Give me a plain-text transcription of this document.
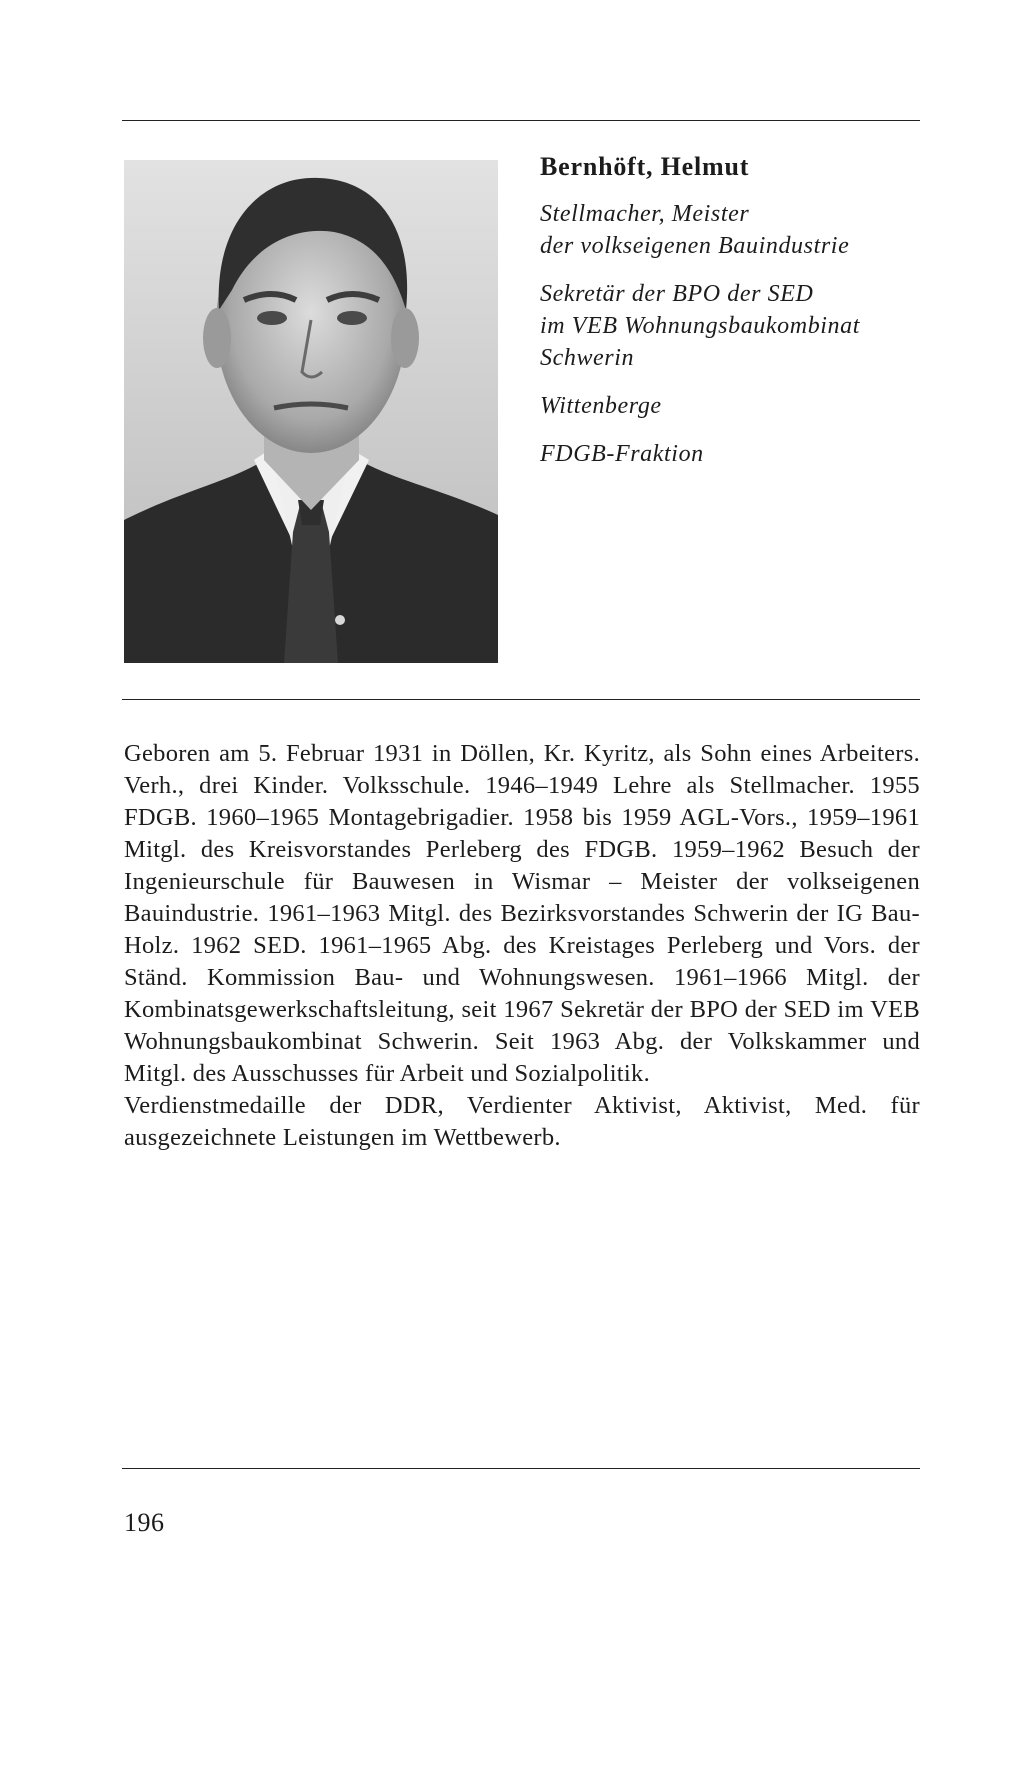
Bernhöft, Helmut

Stellmacher, Meister

der volkseigenen Bauindustrie

Sekretär der BPO der SED

im VEB Wohnungsbaukombinat

Schwerin

Wittenberge

FDGB-Fraktion

Geboren am 5. Februar 1931 in Döllen, Kr. Kyritz, als Sohn eines Arbeiters. Verh., drei Kinder. Volksschule. 1946–1949 Lehre als Stellmacher. 1955 FDGB. 1960–1965 Montagebrigadier. 1958 bis 1959 AGL-Vors., 1959–1961 Mitgl. des Kreisvorstandes Perleberg des FDGB. 1959–1962 Besuch der Ingenieurschule für Bauwesen in Wismar – Meister der volkseigenen Bauindustrie. 1961–1963 Mitgl. des Bezirksvorstandes Schwerin der IG Bau-Holz. 1962 SED. 1961–1965 Abg. des Kreistages Perleberg und Vors. der Ständ. Kommission Bau- und Wohnungswesen. 1961–1966 Mitgl. der Kombinatsgewerkschaftsleitung, seit 1967 Sekretär der BPO der SED im VEB Wohnungsbaukombinat Schwerin. Seit 1963 Abg. der Volkskammer und Mitgl. des Ausschusses für Arbeit und Sozialpolitik.

Verdienstmedaille der DDR, Verdienter Aktivist, Aktivist, Med. für ausgezeichnete Leistungen im Wettbewerb.

196
